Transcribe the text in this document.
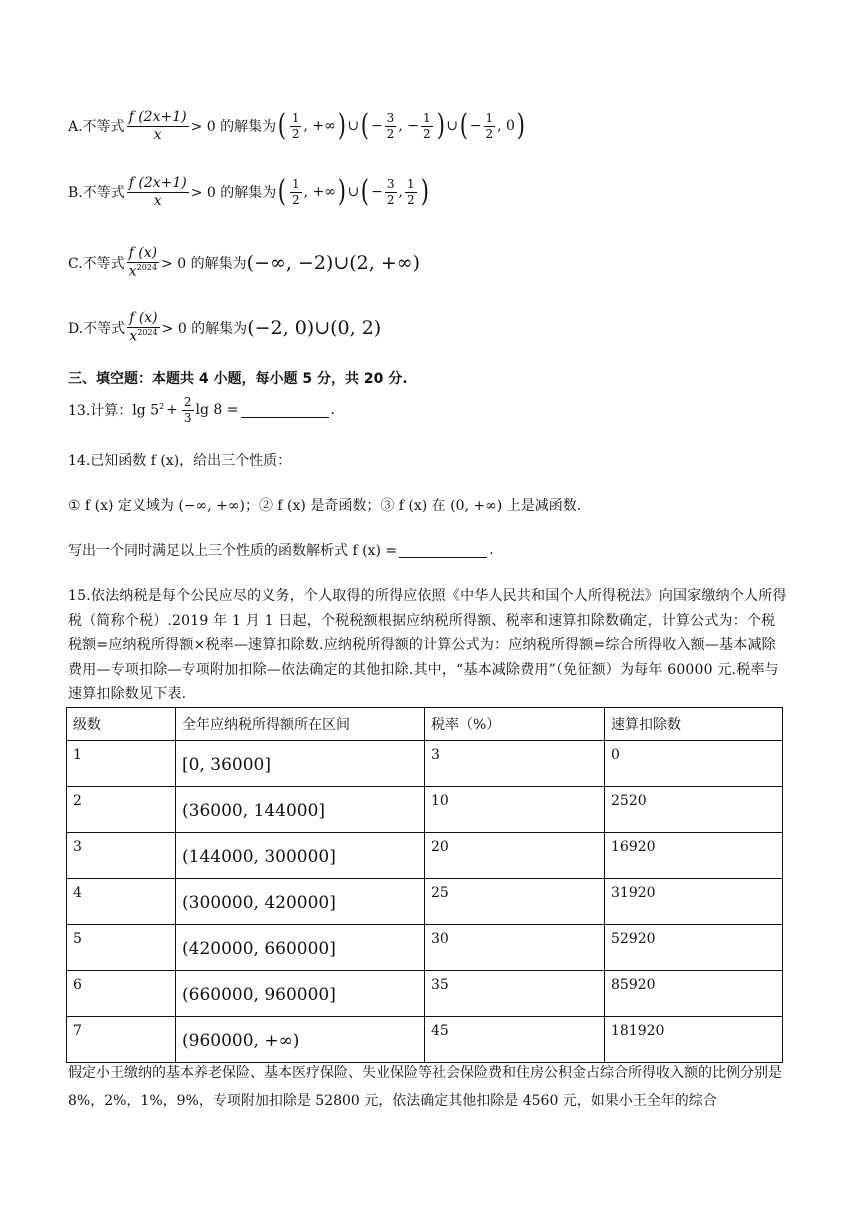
A.不等式 $\frac{f (2x+1)}{x} > 0$ 的解集为 ( $\frac{1}{2}$ , +∞ ) ∪ ( − $\frac{3}{2}$ , − $\frac{1}{2}$ ) ∪ ( − $\frac{1}{2}$ , 0 )
B.不等式 $\frac{f (2x+1)}{x} > 0$ 的解集为 ( $\frac{1}{2}$ , +∞ ) ∪ ( − $\frac{3}{2}$ , $\frac{1}{2}$ )
C.不等式 $\frac{f (x)}{x^{2024}} > 0$ 的解集为 (−∞, −2)∪(2, +∞)
D.不等式 $\frac{f (x)}{x^{2024}} > 0$ 的解集为 (−2, 0)∪(0, 2)
三、填空题：本题共 4 小题，每小题 5 分，共 20 分.
13.计算： $\lg 5^2 + \frac{2}{3}$ lg 8 =	.
14.已知函数 f (x)，给出三个性质：
① f (x) 定义域为 (−∞, +∞)；② f (x) 是奇函数；③ f (x) 在 (0, +∞) 上是减函数.
写出一个同时满足以上三个性质的函数解析式 f (x) =	.
15.依法纳税是每个公民应尽的义务，个人取得的所得应依照《中华人民共和国个人所得税法》向国家缴纳个人所得税（简称个税）.2019 年 1 月 1 日起，个税税额根据应纳税所得额、税率和速算扣除数确定，计算公式为：个税税额=应纳税所得额×税率—速算扣除数.应纳税所得额的计算公式为：应纳税所得额=综合所得收入额—基本减除费用—专项扣除—专项附加扣除—依法确定的其他扣除.其中，“基本减除费用”（免征额）为每年 60000 元.税率与速算扣除数见下表.
级数	全年应纳税所得额所在区间	税率（%）	速算扣除数
1	[0, 36000]	3	0
2	(36000, 144000]	10	2520
3	(144000, 300000]	20	16920
4	(300000, 420000]	25	31920
5	(420000, 660000]	30	52920
6	(660000, 960000]	35	85920
7	(960000, +∞)	45	181920
假定小王缴纳的基本养老保险、基本医疗保险、失业保险等社会保险费和住房公积金占综合所得收入额的比例分别是 8%，2%，1%，9%，专项附加扣除是 52800 元，依法确定其他扣除是 4560 元，如果小王全年的综合
